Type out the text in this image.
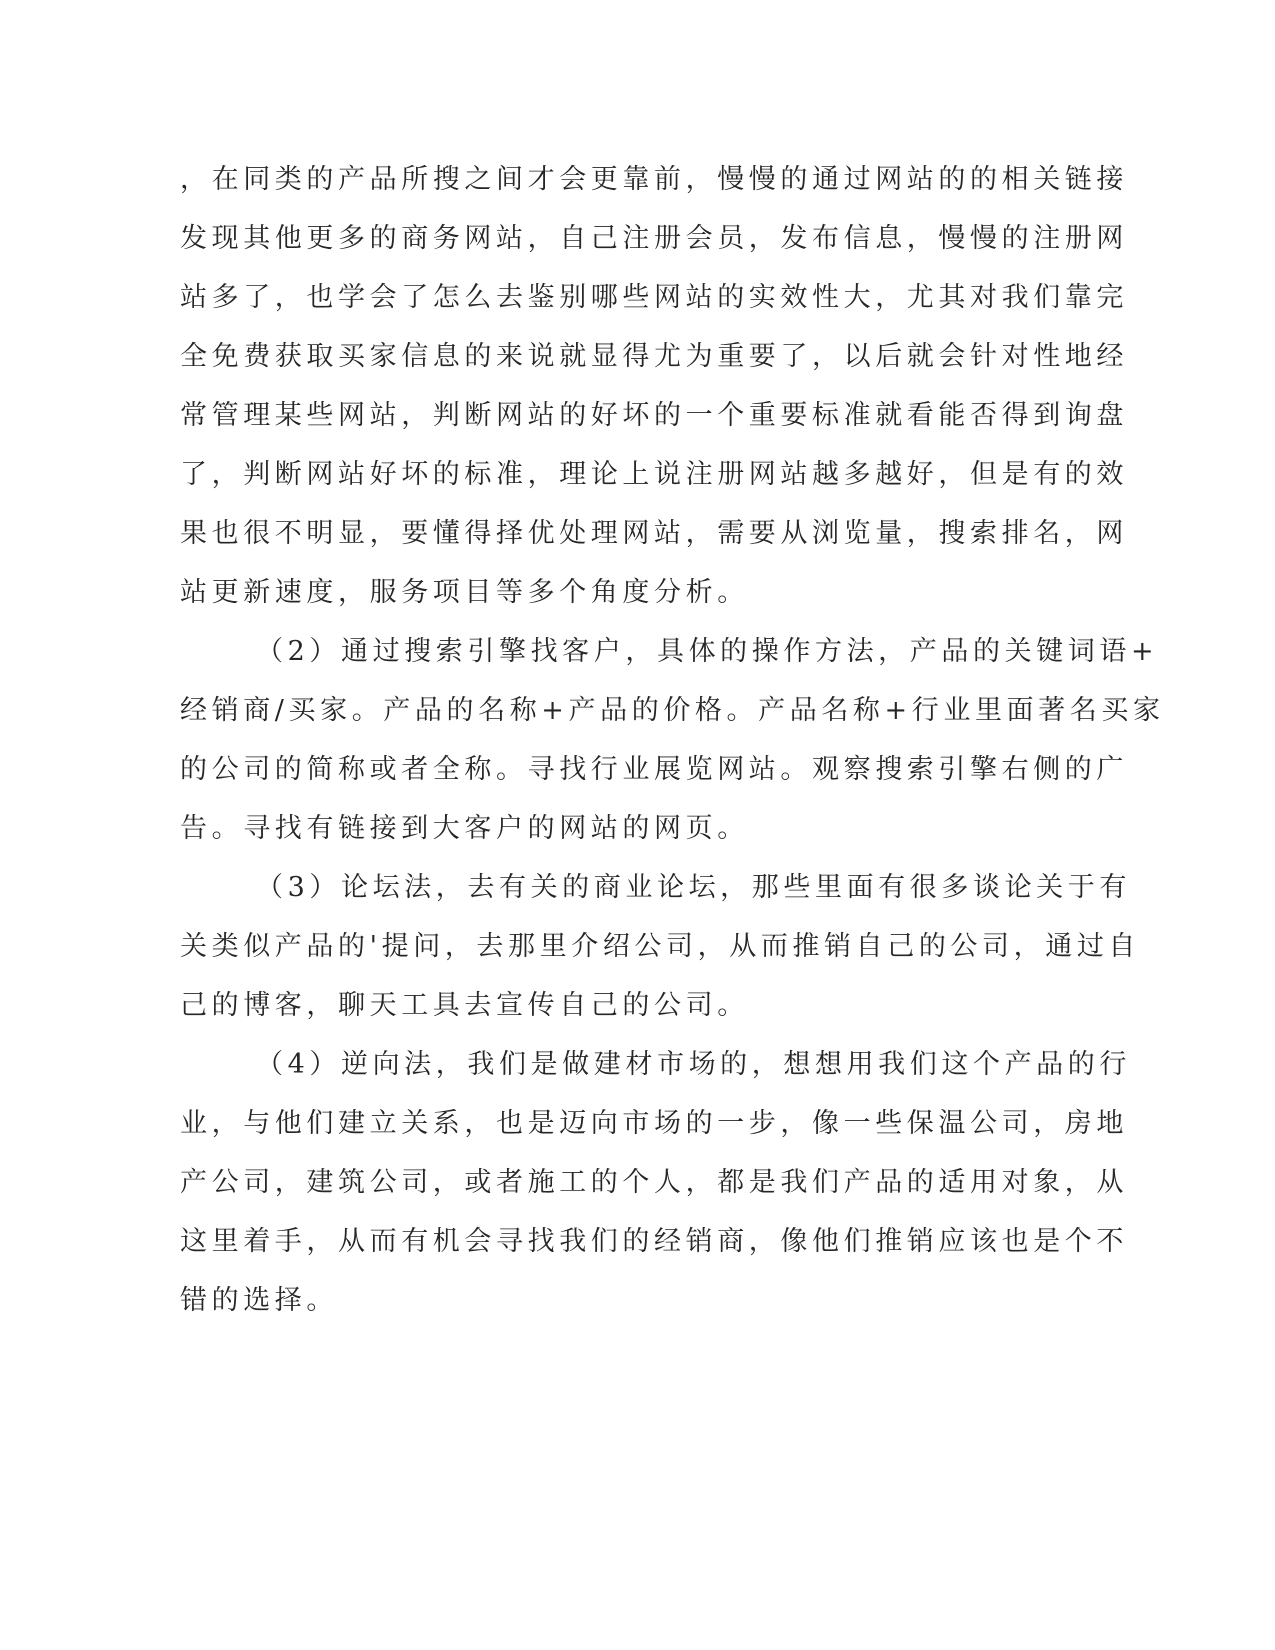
，在同类的产品所搜之间才会更靠前，慢慢的通过网站的的相关链接
发现其他更多的商务网站，自己注册会员，发布信息，慢慢的注册网
站多了，也学会了怎么去鉴别哪些网站的实效性大，尤其对我们靠完
全免费获取买家信息的来说就显得尤为重要了，以后就会针对性地经
常管理某些网站，判断网站的好坏的一个重要标准就看能否得到询盘
了，判断网站好坏的标准，理论上说注册网站越多越好，但是有的效
果也很不明显，要懂得择优处理网站，需要从浏览量，搜索排名，网
站更新速度，服务项目等多个角度分析。
（2）通过搜索引擎找客户，具体的操作方法，产品的关键词语+
经销商/买家。产品的名称+产品的价格。产品名称+行业里面著名买家
的公司的简称或者全称。寻找行业展览网站。观察搜索引擎右侧的广
告。寻找有链接到大客户的网站的网页。
（3）论坛法，去有关的商业论坛，那些里面有很多谈论关于有
关类似产品的'提问，去那里介绍公司，从而推销自己的公司，通过自
己的博客，聊天工具去宣传自己的公司。
（4）逆向法，我们是做建材市场的，想想用我们这个产品的行
业，与他们建立关系，也是迈向市场的一步，像一些保温公司，房地
产公司，建筑公司，或者施工的个人，都是我们产品的适用对象，从
这里着手，从而有机会寻找我们的经销商，像他们推销应该也是个不
错的选择。
